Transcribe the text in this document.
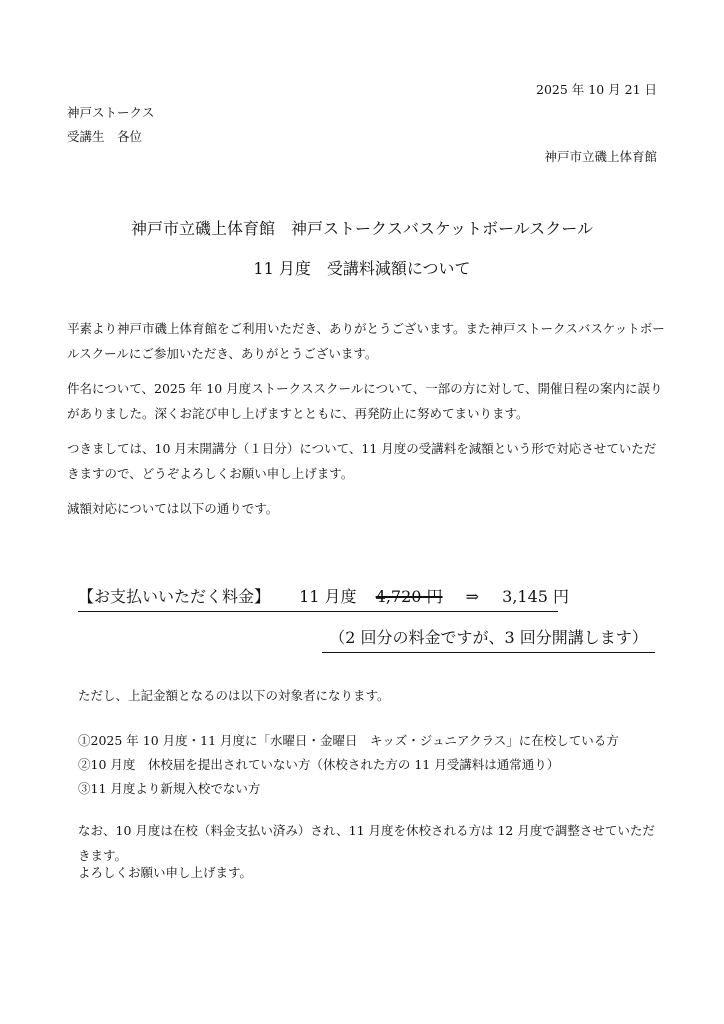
2025 年 10 月 21 日
神戸ストークス
受講生　各位
神戸市立磯上体育館
神戸市立磯上体育館　神戸ストークスバスケットボールスクール
11 月度　受講料減額について
平素より神戸市磯上体育館をご利用いただき、ありがとうございます。また神戸ストークスバスケットボールスクールにご参加いただき、ありがとうございます。
件名について、2025 年 10 月度ストークススクールについて、一部の方に対して、開催日程の案内に誤りがありました。深くお詫び申し上げますとともに、再発防止に努めてまいります。
つきましては、10 月末開講分（１日分）について、11 月度の受講料を減額という形で対応させていただきますので、どうぞよろしくお願い申し上げます。
減額対応については以下の通りです。
【お支払いいただく料金】 11 月度 4,720 円 ⇒ 3,145 円
（2 回分の料金ですが、3 回分開講します）
ただし、上記金額となるのは以下の対象者になります。
①2025 年 10 月度・11 月度に「水曜日・金曜日　キッズ・ジュニアクラス」に在校している方
②10 月度　休校届を提出されていない方（休校された方の 11 月受講料は通常通り）
③11 月度より新規入校でない方
なお、10 月度は在校（料金支払い済み）され、11 月度を休校される方は 12 月度で調整させていただきます。
よろしくお願い申し上げます。
